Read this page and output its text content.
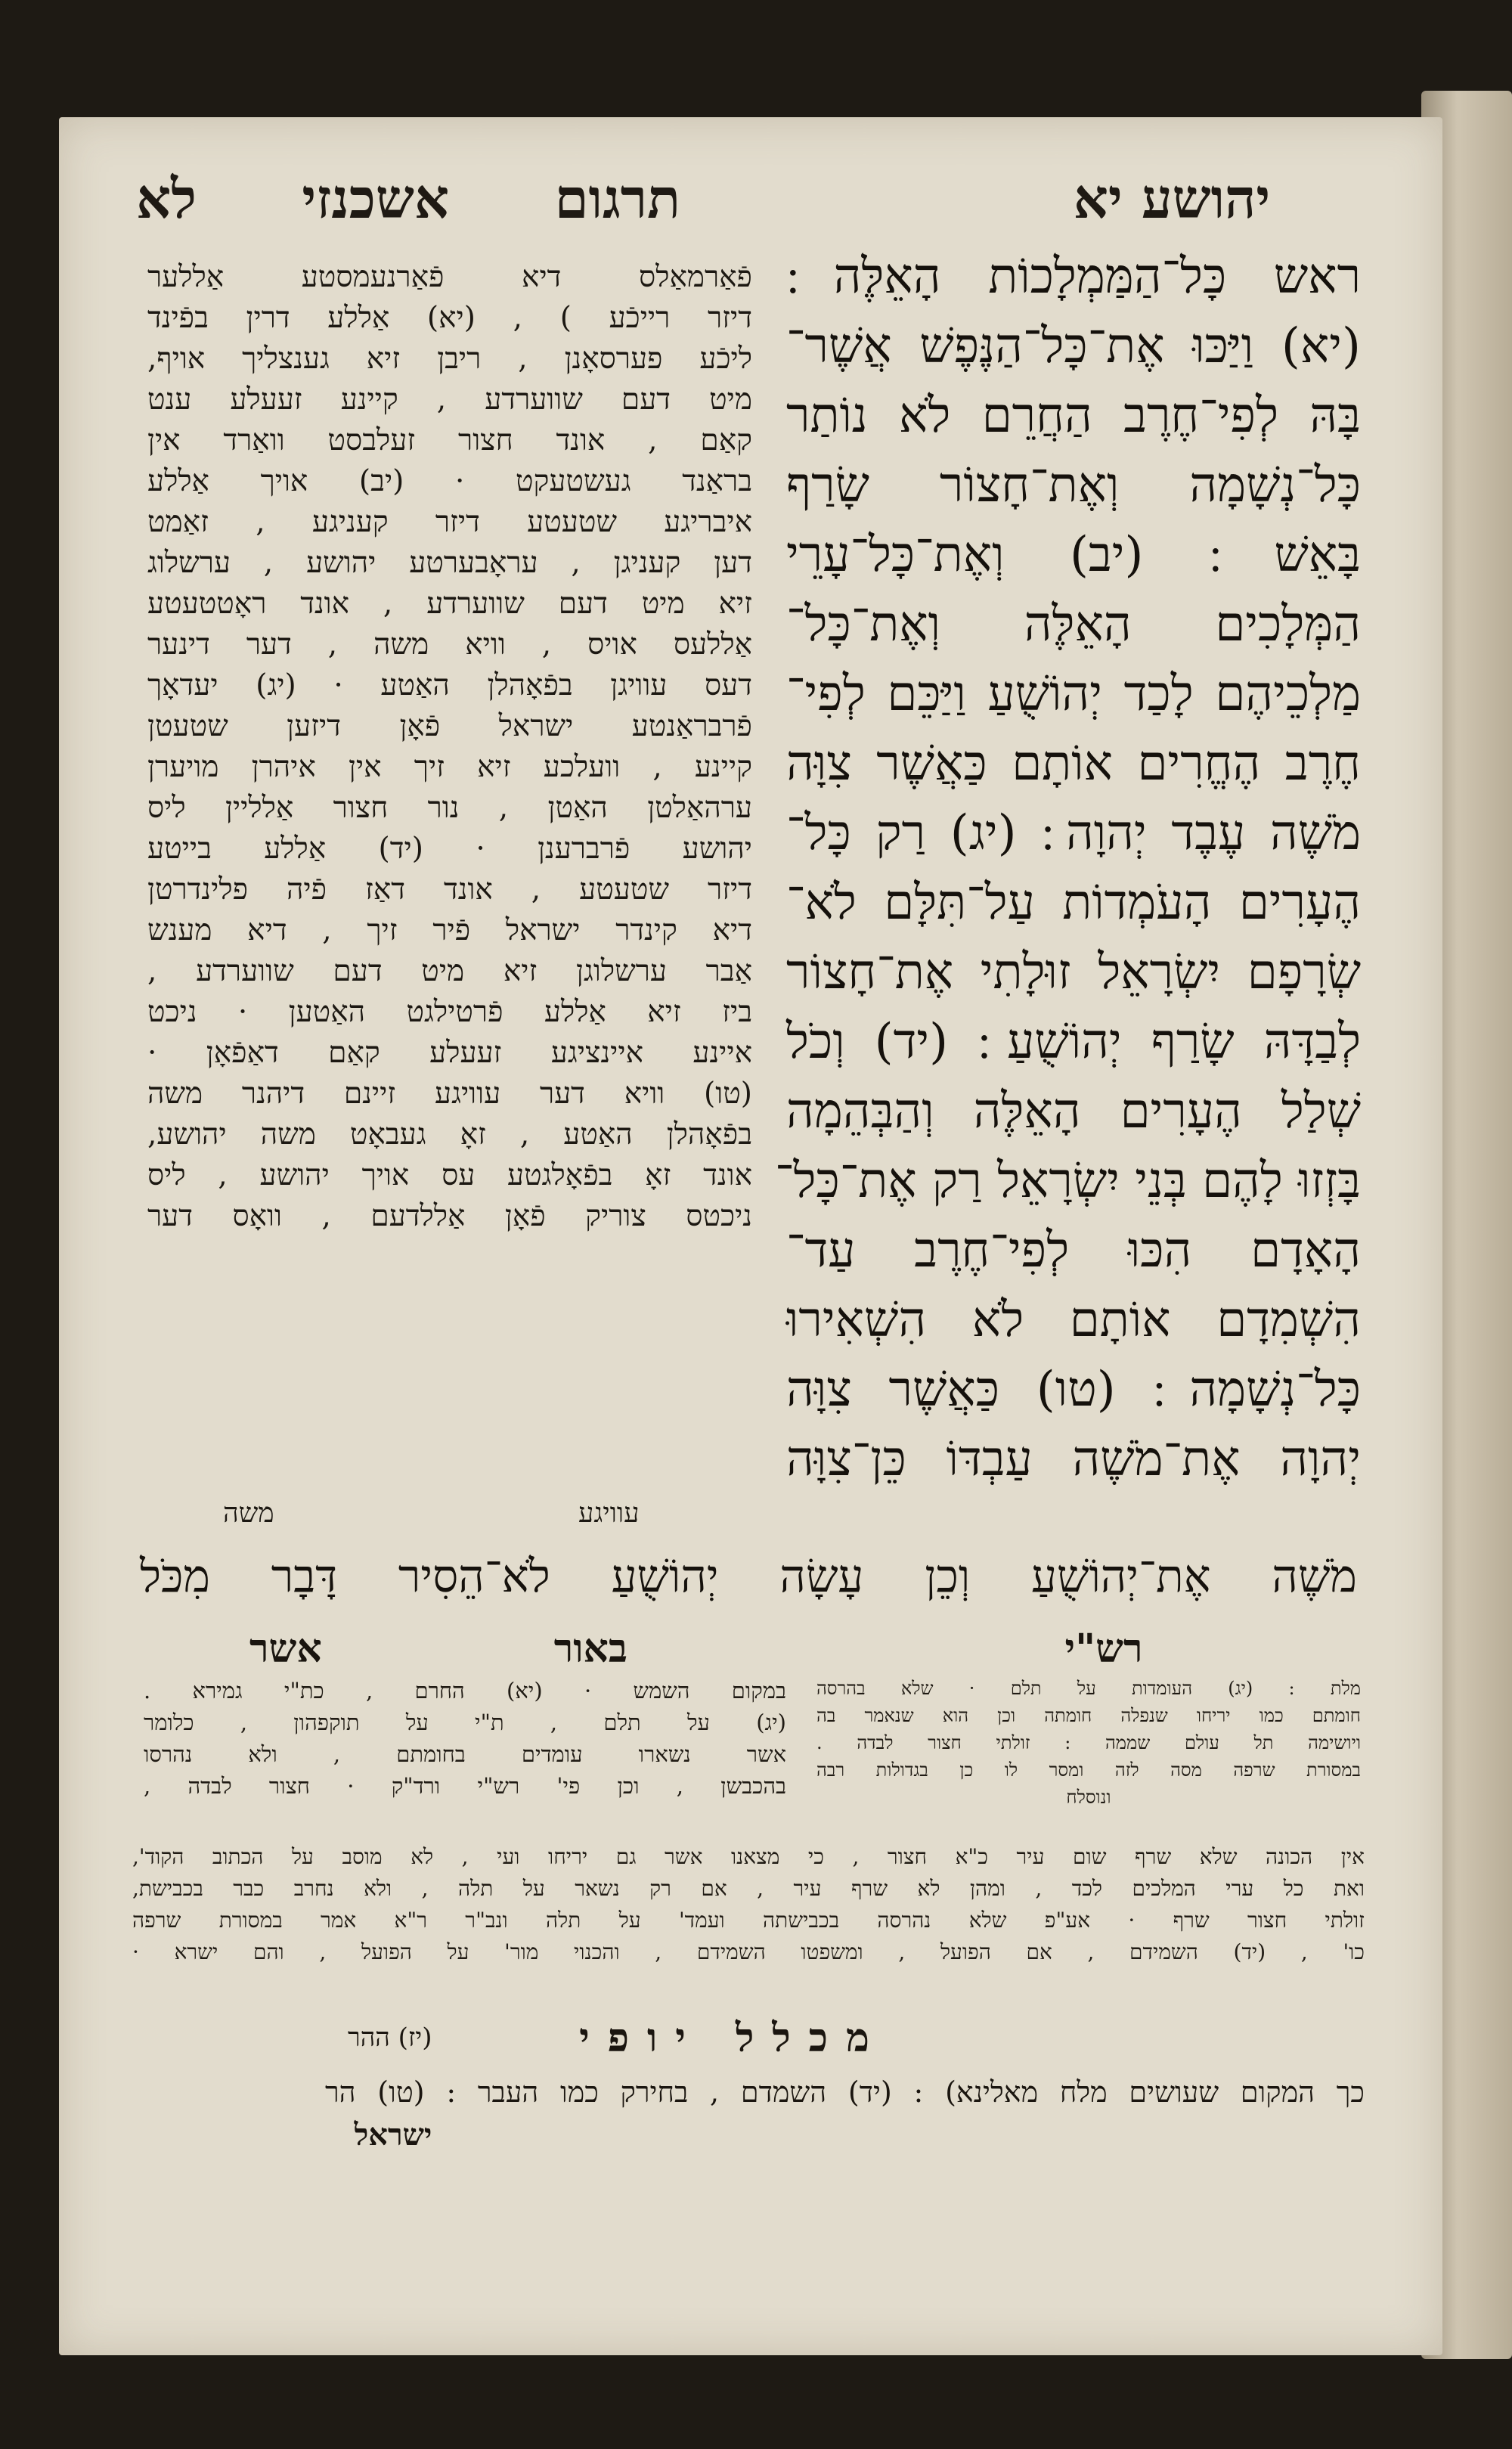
יהושע יא
תרגום אשכנזי לא
ראש כָּל־הַמַּמְלָכוֹת הָאֵלֶּה ׃
(יא) וַיַּכּוּ אֶת־כָּל־הַנֶּפֶשׁ אֲשֶׁר־
בָּהּ לְפִי־חֶרֶב הַחֲרֵם לֹא נוֹתַר
כָּל־נְשָׁמָה וְאֶת־חָצוֹר שָׂרַף
בָּאֵשׁ ׃ (יב) וְאֶת־כָּל־עָרֵי
הַמְּלָכִים הָאֵלֶּה וְאֶת־כָּל־
מַלְכֵיהֶם לָכַד יְהוֹשֻׁעַ וַיַּכֵּם לְפִי־
חֶרֶב הֶחֱרִים אוֹתָם כַּאֲשֶׁר צִוָּה
מֹשֶׁה עֶבֶד יְהוָה ׃ (יג) רַק כָּל־
הֶעָרִים הָעֹמְדוֹת עַל־תִּלָּם לֹא־
שְׂרָפָם יִשְׂרָאֵל זוּלָתִי אֶת־חָצוֹר
לְבַדָּהּ שָׂרַף יְהוֹשֻׁעַ ׃ (יד) וְכֹל
שְׁלַל הֶעָרִים הָאֵלֶּה וְהַבְּהֵמָה
בָּזְזוּ לָהֶם בְּנֵי יִשְׂרָאֵל רַק אֶת־כָּל־
הָאָדָם הִכּוּ לְפִי־חֶרֶב עַד־
הִשְׁמִדָם אוֹתָם לֹא הִשְׁאִירוּ
כָּל־נְשָׁמָה ׃ (טו) כַּאֲשֶׁר צִוָּה
יְהוָה אֶת־מֹשֶׁה עַבְדּוֹ כֵּן־צִוָּה
פֿאַרמאַלס דיא פֿאַרנעמסטע אַללער
דיזר רייכֿע ) , (יא) אַללע דרין בפֿינד
ליכֿע פערסאָנן , ריבן זיא גענצליך אויף,
מיט דעם שווערדע , קיינע זעעלע ענט
קאַם , אונד חצור זעלבסט וואַרד אין
בראַנד געשטעקט · (יב) אויך אַללע
איבריגע שטעטע דיזר קעניגע , זאַמט
דען קעניגן , עראָבערטע יהושע , ערשלוג
זיא מיט דעם שווערדע , אונד ראָטטעטע
אַללעס אויס , וויא משה , דער דינער
דעס עוויגן בפֿאָהלן האַטע · (יג) יעדאָך
פֿרבראַנטע ישראל פֿאָן דיזען שטעטן
קיינע , וועלכע זיא זיך אין איהרן מויערן
ערהאַלטן האַטן , נור חצור אַלליין ליס
יהושע פֿרברענן · (יד) אַללע בייטע
דיזר שטעטע , אונד דאַז פֿיה פלינדרטן
דיא קינדר ישראל פֿיר זיך , דיא מענש
אַבר ערשלוגן זיא מיט דעם שווערדע ,
ביז זיא אַללע פֿרטילגט האַטען · ניכט
איינע איינציגע זעעלע קאַם דאַפֿאָן ·
(טו) וויא דער עוויגע זיינם דיהנר משה
בפֿאָהלן האַטע , זאָ געבאָט משה יהושע,
אונד זאָ בפֿאָלגטע עס אויך יהושע , ליס
ניכטס צוריק פֿאָן אַללדעם , וואָס דער
עוויגע
משה
מֹשֶׁה אֶת־יְהוֹשֻׁעַ וְכֵן עָשָׂה יְהוֹשֻׁעַ לֹא־הֵסִיר דָּבָר מִכֹּל
רש"י
באור אשר
מלת : (יג) העומדות על תלם · שלא בהרסה
חומתם כמו יריחו שנפלה חומתה וכן הוא שנאמר בה
ויושימה תל עולם שממה : זולתי חצור לבדה .
במסורת שרפה מסה לזה ומסר לו כן בגדולות רבה
ונוסלח
במקום השמש · (יא) החרם , כת"י גמירא .
(יג) על תלם , ת"י על תוקפהון , כלומר
אשר נשארו עומדים בחומתם , ולא נהרסו
בהכבשן , וכן פי' רש"י ורד"ק · חצור לבדה ,
אין הכונה שלא שרף שום עיר כ"א חצור , כי מצאנו אשר גם יריחו ועי , לא מוסב על הכתוב הקוד',
ואת כל ערי המלכים לכד , ומהן לא שרף עיר , אם רק נשאר על תלה , ולא נחרב כבר בכבישת,
זולתי חצור שרף · אע"פ שלא נהרסה בכבישתה ועמד' על תלה ונב"ר ר"א אמר במסורת שרפה
כו' , (יד) השמידם , אם הפועל , ומשפטו השמידם , והכנוי מור' על הפועל , והם ישרא ·
מכלל יופי
(יז) ההר
כך המקום שעושים מלח מאלינא) : (יד) השמדם , בחירק כמו העבר : (טו) הר
ישראל
